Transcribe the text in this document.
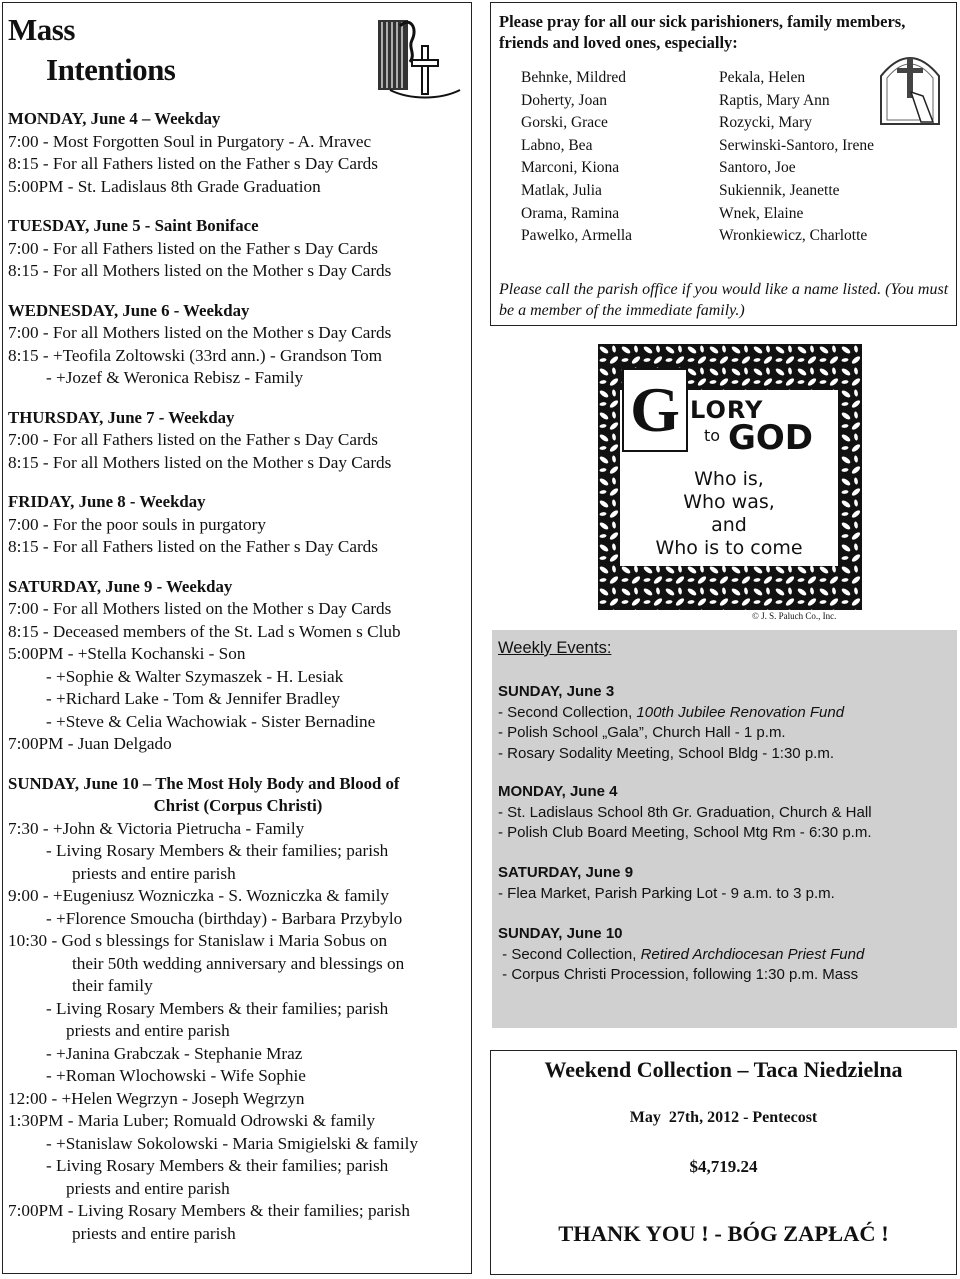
Mass
Intentions
MONDAY, June 4 – Weekday
7:00 - Most Forgotten Soul in Purgatory - A. Mravec
8:15 - For all Fathers listed on the Father s Day Cards
5:00PM - St. Ladislaus 8th Grade Graduation
TUESDAY, June 5 - Saint Boniface
7:00 - For all Fathers listed on the Father s Day Cards
8:15 - For all Mothers listed on the Mother s Day Cards
WEDNESDAY, June 6 - Weekday
7:00 - For all Mothers listed on the Mother s Day Cards
8:15 - +Teofila Zoltowski (33rd ann.) - Grandson Tom
- +Jozef & Weronica Rebisz - Family
THURSDAY, June 7 - Weekday
7:00 - For all Fathers listed on the Father s Day Cards
8:15 - For all Mothers listed on the Mother s Day Cards
FRIDAY, June 8 - Weekday
7:00 - For the poor souls in purgatory
8:15 - For all Fathers listed on the Father s Day Cards
SATURDAY, June 9 - Weekday
7:00 - For all Mothers listed on the Mother s Day Cards
8:15 - Deceased members of the St. Lad s Women s Club
5:00PM - +Stella Kochanski - Son
- +Sophie & Walter Szymaszek - H. Lesiak
- +Richard Lake - Tom & Jennifer Bradley
- +Steve & Celia Wachowiak - Sister Bernadine
7:00PM - Juan Delgado
SUNDAY, June 10 – The Most Holy Body and Blood of
Christ (Corpus Christi)
7:30 - +John & Victoria Pietrucha - Family
- Living Rosary Members & their families; parish
priests and entire parish
9:00 - +Eugeniusz Wozniczka - S. Wozniczka & family
- +Florence Smoucha (birthday) - Barbara Przybylo
10:30 - God s blessings for Stanislaw i Maria Sobus on
their 50th wedding anniversary and blessings on
their family
- Living Rosary Members & their families; parish
priests and entire parish
- +Janina Grabczak - Stephanie Mraz
- +Roman Wlochowski - Wife Sophie
12:00 - +Helen Wegrzyn - Joseph Wegrzyn
1:30PM - Maria Luber; Romuald Odrowski & family
- +Stanislaw Sokolowski - Maria Smigielski & family
- Living Rosary Members & their families; parish
priests and entire parish
7:00PM - Living Rosary Members & their families; parish
priests and entire parish
Please pray for all our sick parishioners, family members, friends and loved ones, especially:
Behnke, Mildred
Doherty, Joan
Gorski, Grace
Labno, Bea
Marconi, Kiona
Matlak, Julia
Orama, Ramina
Pawelko, Armella
Pekala, Helen
Raptis, Mary Ann
Rozycki, Mary
Serwinski-Santoro, Irene
Santoro, Joe
Sukiennik, Jeanette
Wnek, Elaine
Wronkiewicz, Charlotte
Please call the parish office if you would like a name listed. (You must be a member of the immediate family.)
G LORY
to GOD
Who is,
Who was,
and
Who is to come
© J. S. Paluch Co., Inc.
Weekly Events:
SUNDAY, June 3
- Second Collection, 100th Jubilee Renovation Fund
- Polish School „Gala”, Church Hall - 1 p.m.
- Rosary Sodality Meeting, School Bldg - 1:30 p.m.
MONDAY, June 4
- St. Ladislaus School 8th Gr. Graduation, Church & Hall
- Polish Club Board Meeting, School Mtg Rm - 6:30 p.m.
SATURDAY, June 9
- Flea Market, Parish Parking Lot - 9 a.m. to 3 p.m.
SUNDAY, June 10
- Second Collection, Retired Archdiocesan Priest Fund
- Corpus Christi Procession, following 1:30 p.m. Mass
Weekend Collection – Taca Niedzielna
May  27th, 2012 - Pentecost
$4,719.24
THANK YOU ! - BÓG ZAPŁAĆ !
